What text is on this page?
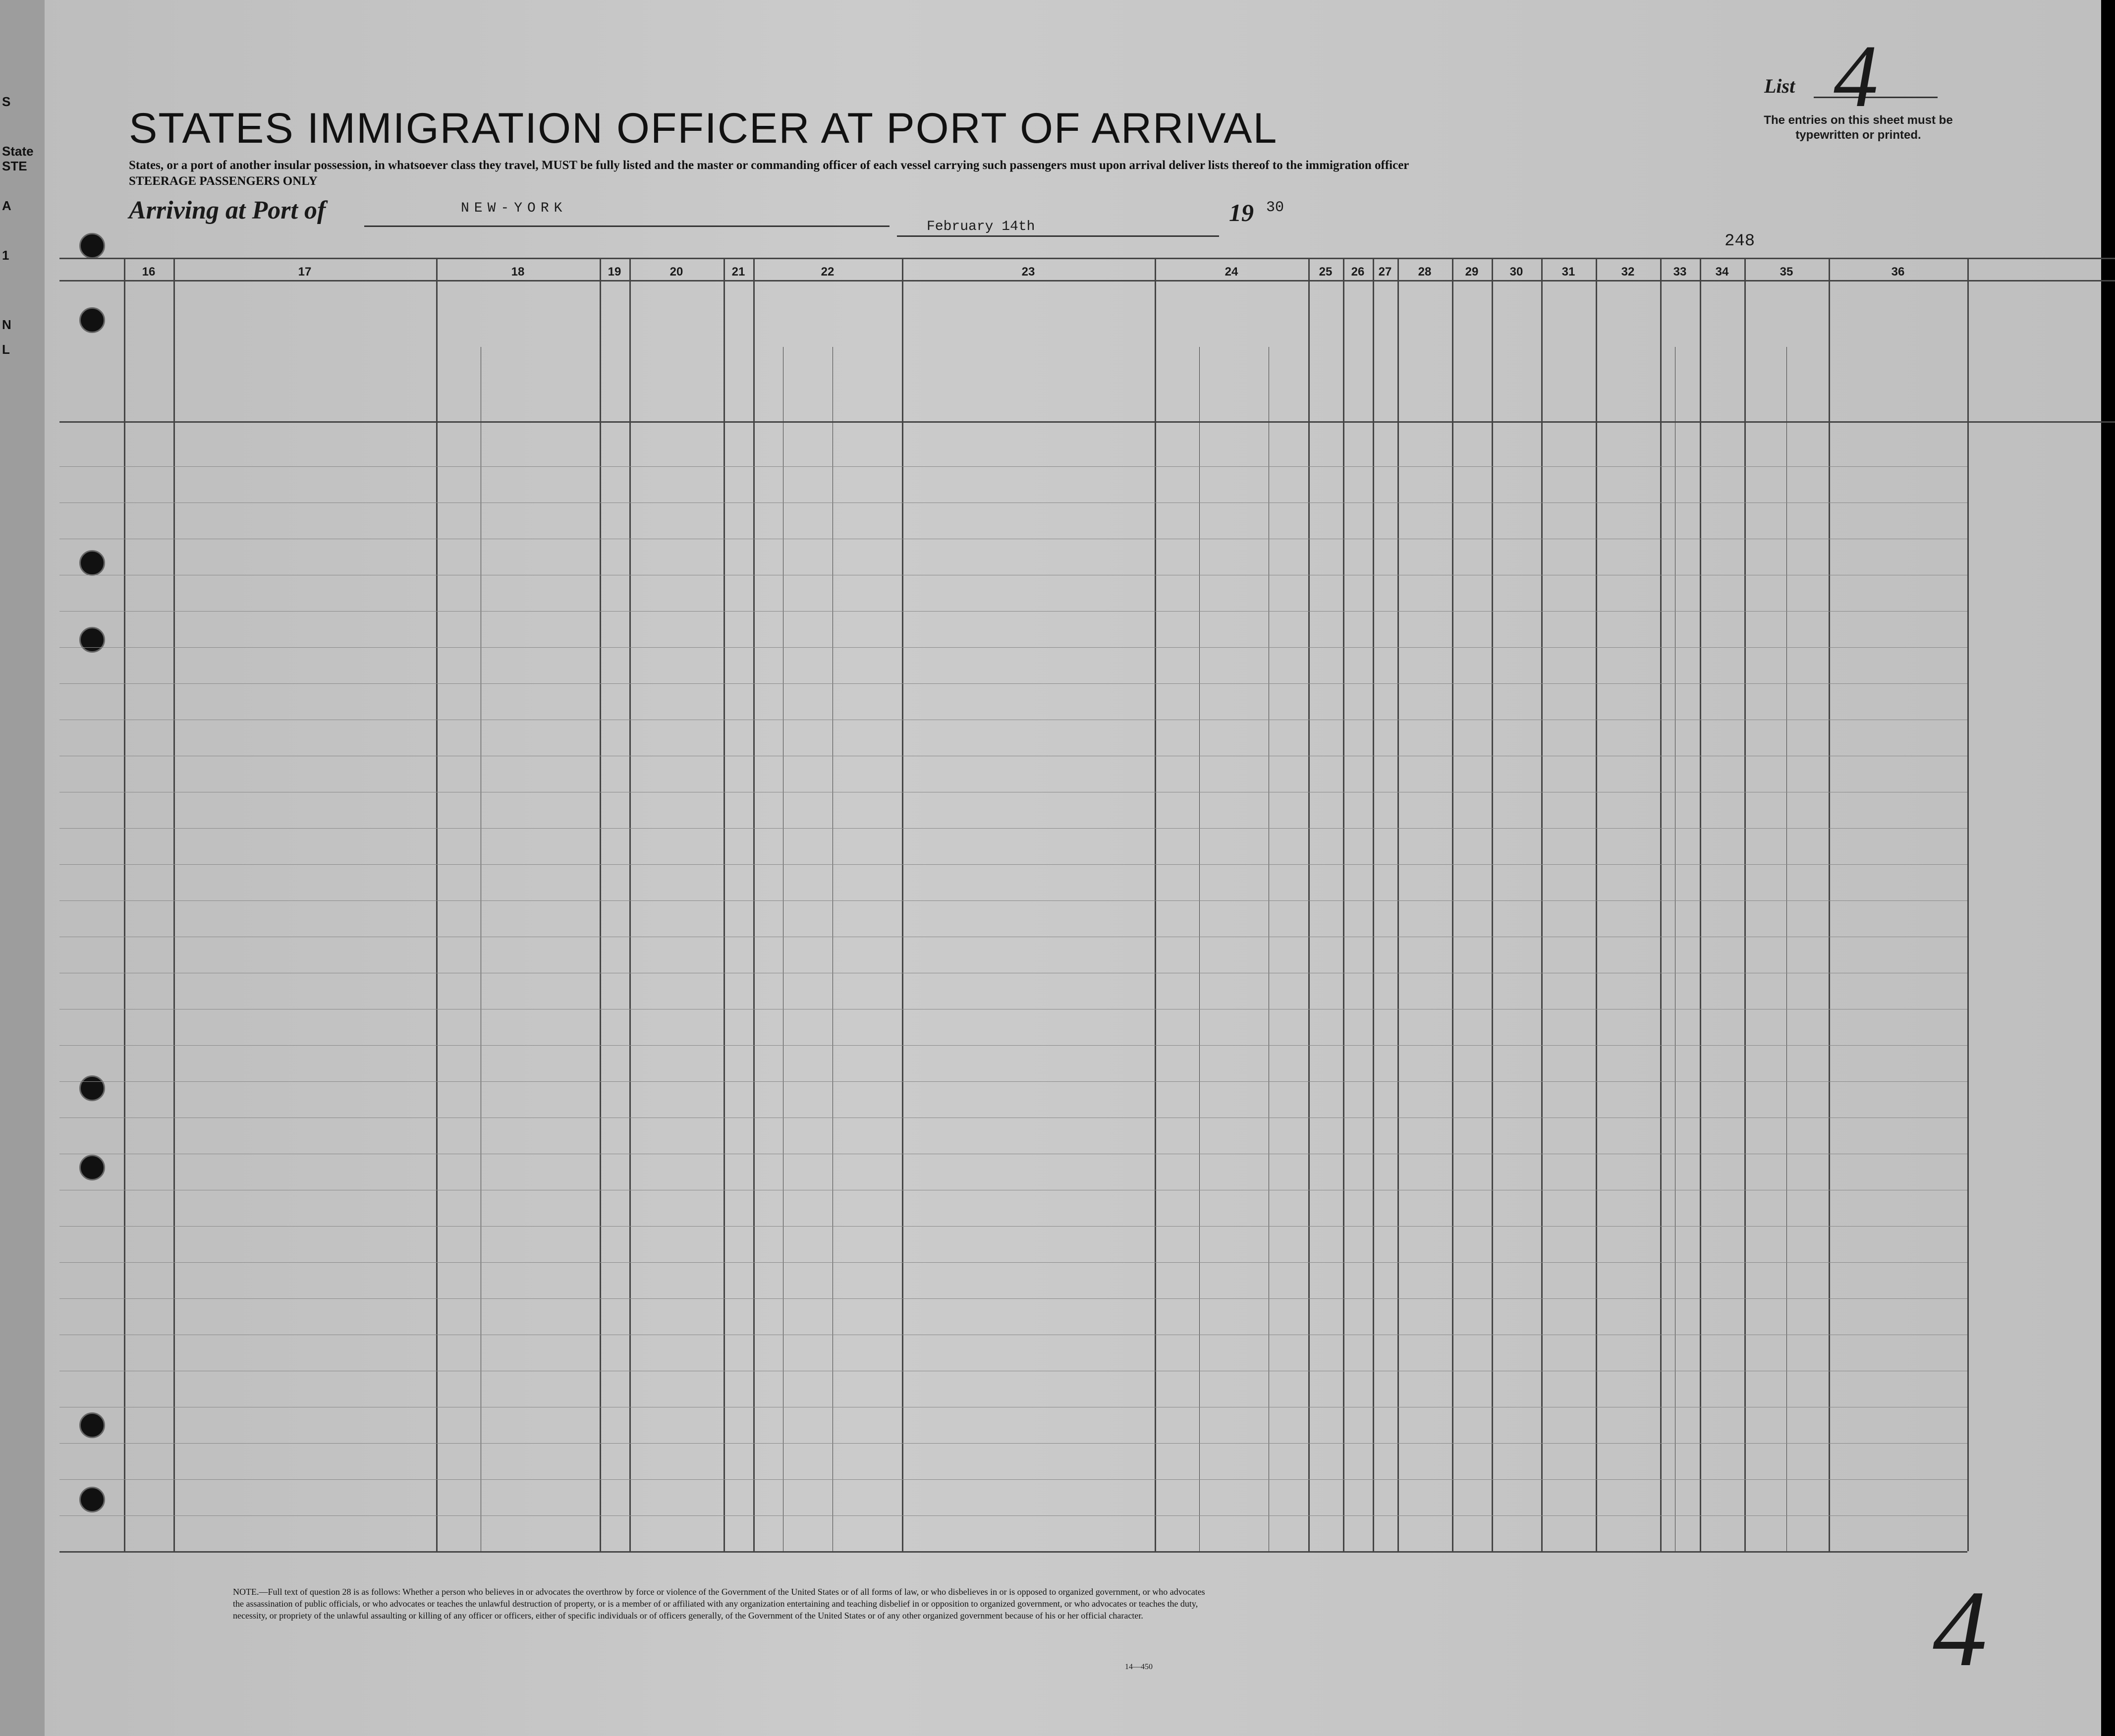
STATES IMMIGRATION OFFICER AT PORT OF ARRIVAL
States, or a port of another insular possession, in whatsoever class they travel, MUST be fully listed and the master or commanding officer of each vessel carrying such passengers must upon arrival deliver lists thereof to the immigration officer
STEERAGE PASSENGERS ONLY
Arriving at Port of	NEW-YORK
February 14th
19 30
List 4
The entries on this sheet must be typewritten or printed.
248
NOTE.—Full text of question 28 is as follows: Whether a person who believes in or advocates the overthrow by force or violence of the Government of the United States or of all forms of law, or who disbelieves in or is opposed to organized government, or who advocates the assassination of public officials, or who advocates or teaches the unlawful destruction of property, or is a member of or affiliated with any organization entertaining and teaching disbelief in or opposition to organized government, or who advocates or teaches the duty, necessity, or propriety of the unlawful assaulting or killing of any officer or officers, either of specific individuals or of officers generally, of the Government of the United States or of any other organized government because of his or her official character.
14—450	4
S
State
STE
A
1
N
L
16	17	18	19	20	21	22	23	24	25	26	27	28	29	30	31	32	33	34	35	36
